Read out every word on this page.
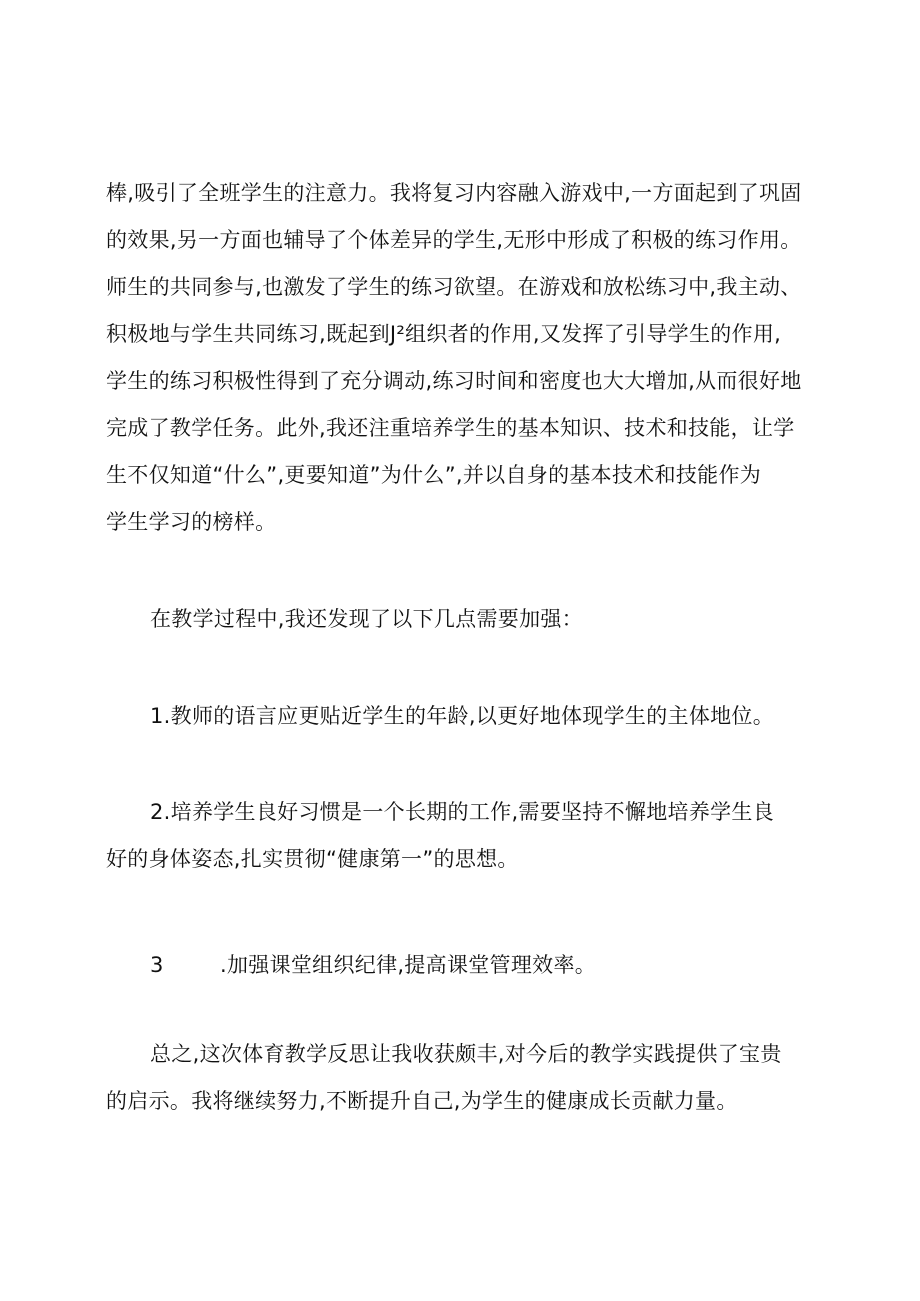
棒,吸引了全班学生的注意力。我将复习内容融入游戏中,一方面起到了巩固
的效果,另一方面也辅导了个体差异的学生,无形中形成了积极的练习作用。
师生的共同参与,也激发了学生的练习欲望。在游戏和放松练习中,我主动、
积极地与学生共同练习,既起到J²组织者的作用,又发挥了引导学生的作用,
学生的练习积极性得到了充分调动,练习时间和密度也大大增加,从而很好地
完成了教学任务。此外,我还注重培养学生的基本知识、技术和技能，让学
生不仅知道“什么”,更要知道”为什么”,并以自身的基本技术和技能作为
学生学习的榜样。
在教学过程中,我还发现了以下几点需要加强：
1.教师的语言应更贴近学生的年龄,以更好地体现学生的主体地位。
2.培养学生良好习惯是一个长期的工作,需要坚持不懈地培养学生良
好的身体姿态,扎实贯彻“健康第一”的思想。
3	.加强课堂组织纪律,提高课堂管理效率。
总之,这次体育教学反思让我收获颇丰,对今后的教学实践提供了宝贵
的启示。我将继续努力,不断提升自己,为学生的健康成长贡献力量。
